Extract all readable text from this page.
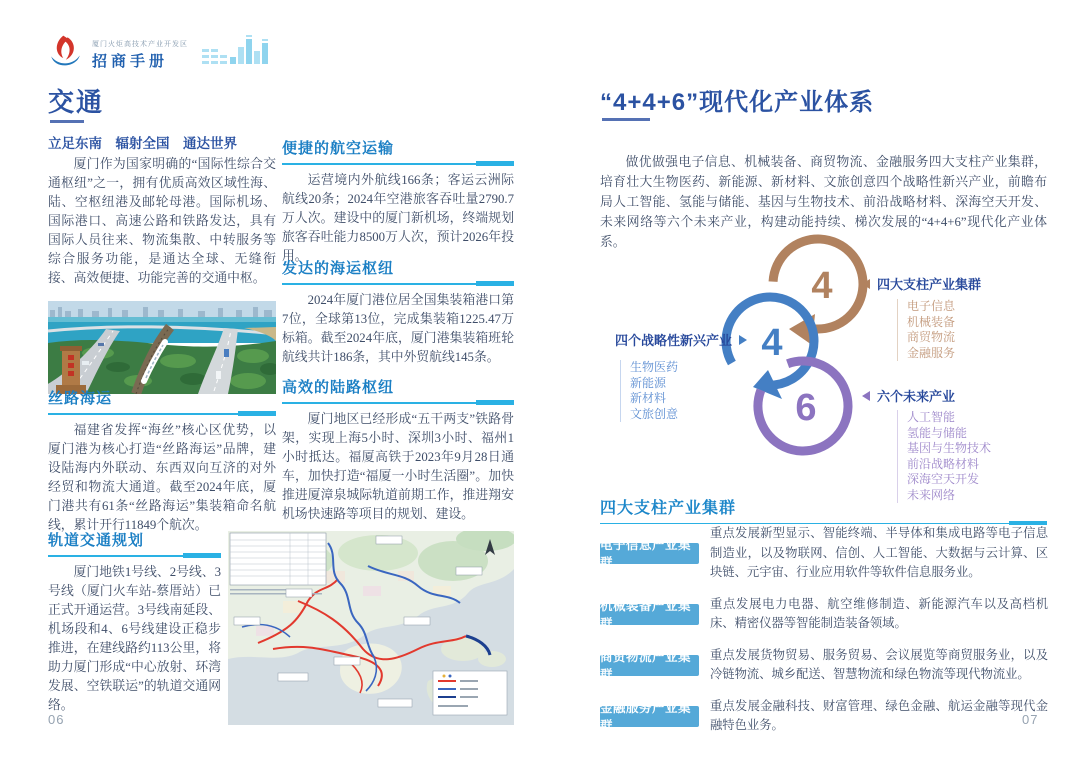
厦门火炬高技术产业开发区
招商手册
交通
立足东南　辐射全国　通达世界
厦门作为国家明确的“国际性综合交通枢纽”之一，拥有优质高效区域性海、陆、空枢纽港及邮轮母港。国际机场、国际港口、高速公路和铁路发达，具有国际人员往来、物流集散、中转服务等综合服务功能，是通达全球、无缝衔接、高效便捷、功能完善的交通中枢。
丝路海运
福建省发挥“海丝”核心区优势，以厦门港为核心打造“丝路海运”品牌，建设陆海内外联动、东西双向互济的对外经贸和物流大通道。截至2024年底，厦门港共有61条“丝路海运”集装箱命名航线，累计开行11849个航次。
轨道交通规划
厦门地铁1号线、2号线、3号线（厦门火车站-蔡厝站）已正式开通运营。3号线南延段、机场段和4、6号线建设正稳步推进，在建线路约113公里，将助力厦门形成“中心放射、环湾发展、空铁联运”的轨道交通网络。
06
便捷的航空运输
运营境内外航线166条；客运云洲际航线20条；2024年空港旅客吞吐量2790.7万人次。建设中的厦门新机场，终端规划旅客吞吐能力8500万人次，预计2026年投用。
发达的海运枢纽
2024年厦门港位居全国集装箱港口第7位，全球第13位，完成集装箱1225.47万标箱。截至2024年底，厦门港集装箱班轮航线共计186条，其中外贸航线145条。
高效的陆路枢纽
厦门地区已经形成“五干两支”铁路骨架，实现上海5小时、深圳3小时、福州1小时抵达。福厦高铁于2023年9月28日通车，加快打造“福厦一小时生活圈”。加快推进厦漳泉城际轨道前期工作，推进翔安机场快速路等项目的规划、建设。
“4+4+6”现代化产业体系
做优做强电子信息、机械装备、商贸物流、金融服务四大支柱产业集群，培育壮大生物医药、新能源、新材料、文旅创意四个战略性新兴产业，前瞻布局人工智能、氢能与储能、基因与生物技术、前沿战略材料、深海空天开发、未来网络等六个未来产业，构建动能持续、梯次发展的“4+4+6”现代化产业体系。
4
4
6
四大支柱产业集群
电子信息
机械装备
商贸物流
金融服务
四个战略性新兴产业
生物医药
新能源
新材料
文旅创意
六个未来产业
人工智能
氢能与储能
基因与生物技术
前沿战略材料
深海空天开发
未来网络
四大支柱产业集群
电子信息产业集群
重点发展新型显示、智能终端、半导体和集成电路等电子信息制造业，以及物联网、信创、人工智能、大数据与云计算、区块链、元宇宙、行业应用软件等软件信息服务业。
机械装备产业集群
重点发展电力电器、航空维修制造、新能源汽车以及高档机床、精密仪器等智能制造装备领域。
商贸物流产业集群
重点发展货物贸易、服务贸易、会议展览等商贸服务业，以及冷链物流、城乡配送、智慧物流和绿色物流等现代物流业。
金融服务产业集群
重点发展金融科技、财富管理、绿色金融、航运金融等现代金融特色业务。	07
